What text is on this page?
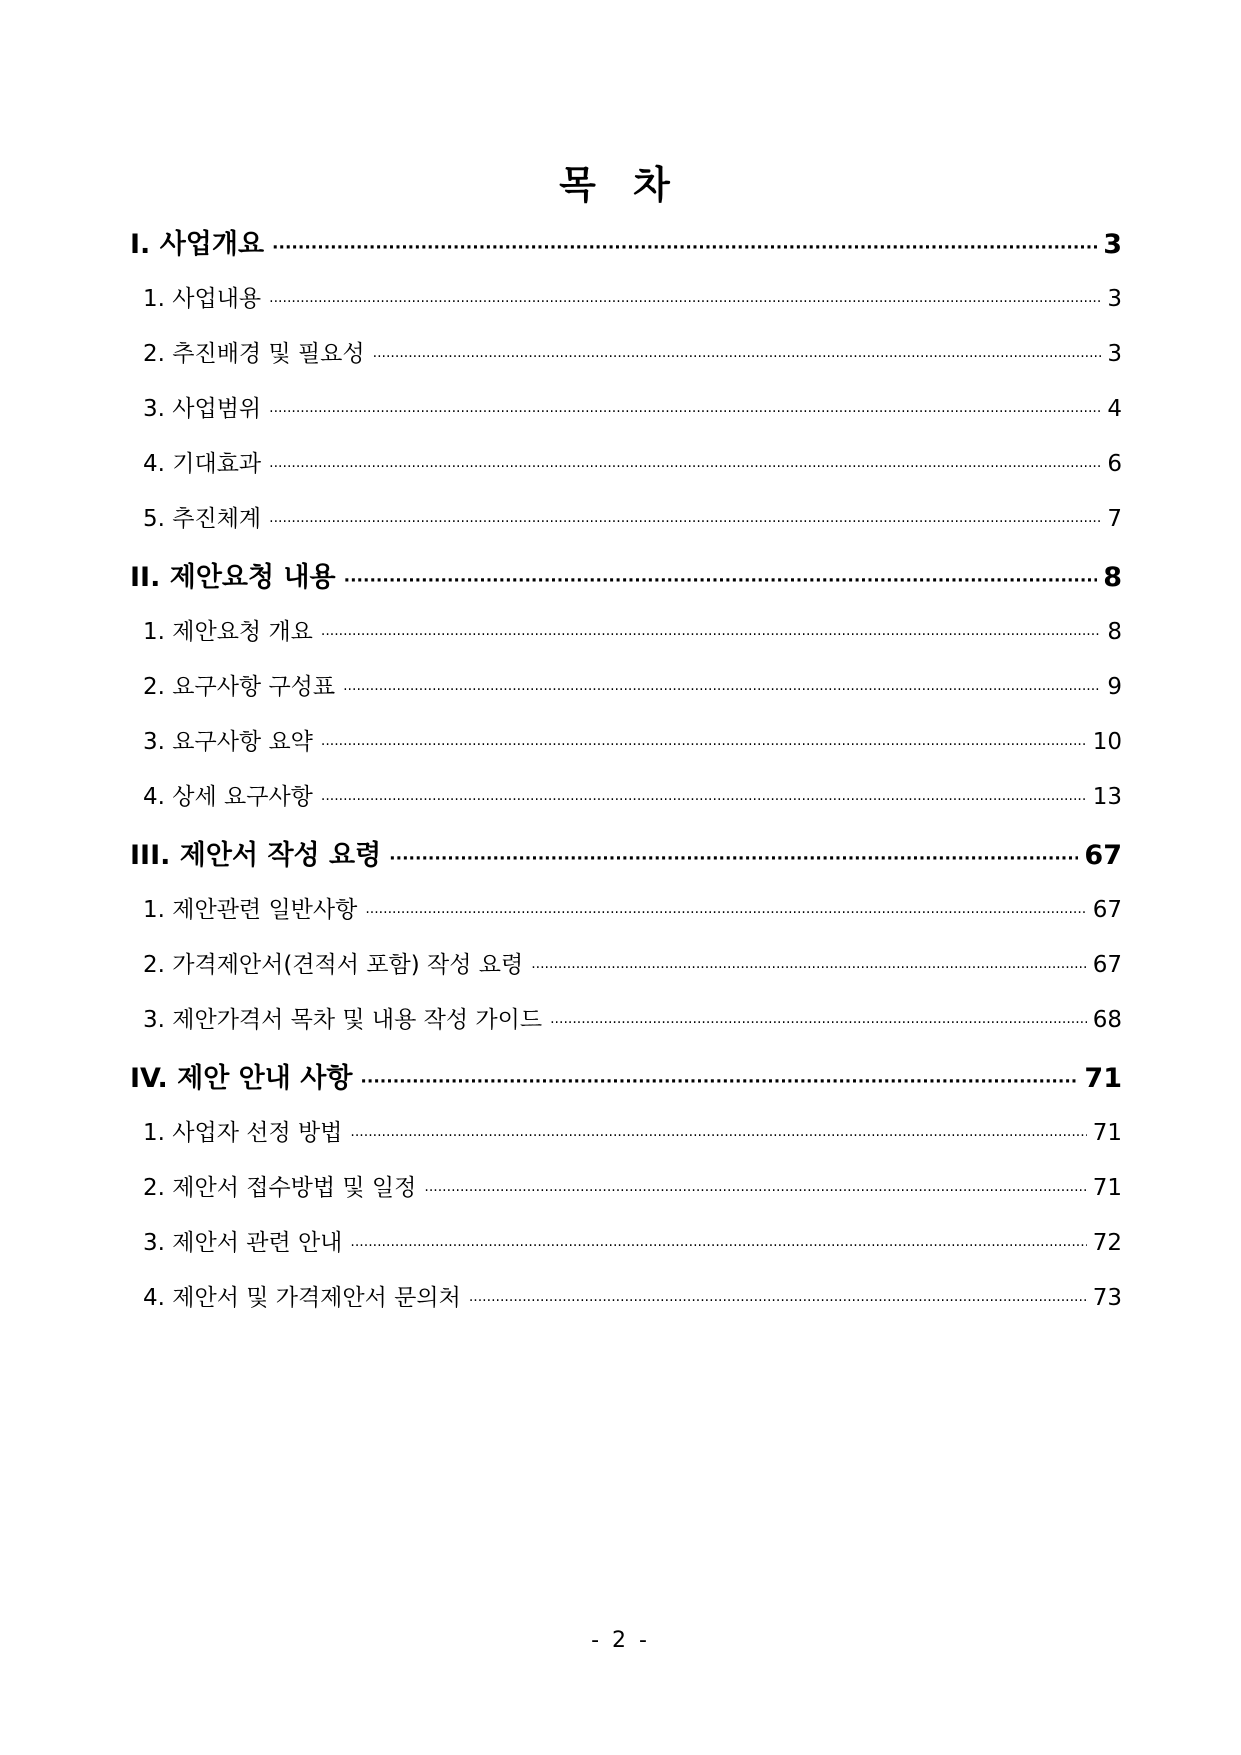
목 차
I. 사업개요 ·····	3
1. 사업내용 ·····	3
2. 추진배경 및 필요성 ·····	3
3. 사업범위 ·····	4
4. 기대효과 ·····	6
5. 추진체계 ·····	7
II. 제안요청 내용 ·····	8
1. 제안요청 개요 ·····	8
2. 요구사항 구성표 ·····	9
3. 요구사항 요약 ·····	10
4. 상세 요구사항 ·····	13
III. 제안서 작성 요령 ·····	67
1. 제안관련 일반사항 ·····	67
2. 가격제안서(견적서 포함) 작성 요령 ·····	67
3. 제안가격서 목차 및 내용 작성 가이드 ·····	68
IV. 제안 안내 사항 ·····	71
1. 사업자 선정 방법 ·····	71
2. 제안서 접수방법 및 일정 ·····	71
3. 제안서 관련 안내 ·····	72
4. 제안서 및 가격제안서 문의처 ·····	73
- 2 -
